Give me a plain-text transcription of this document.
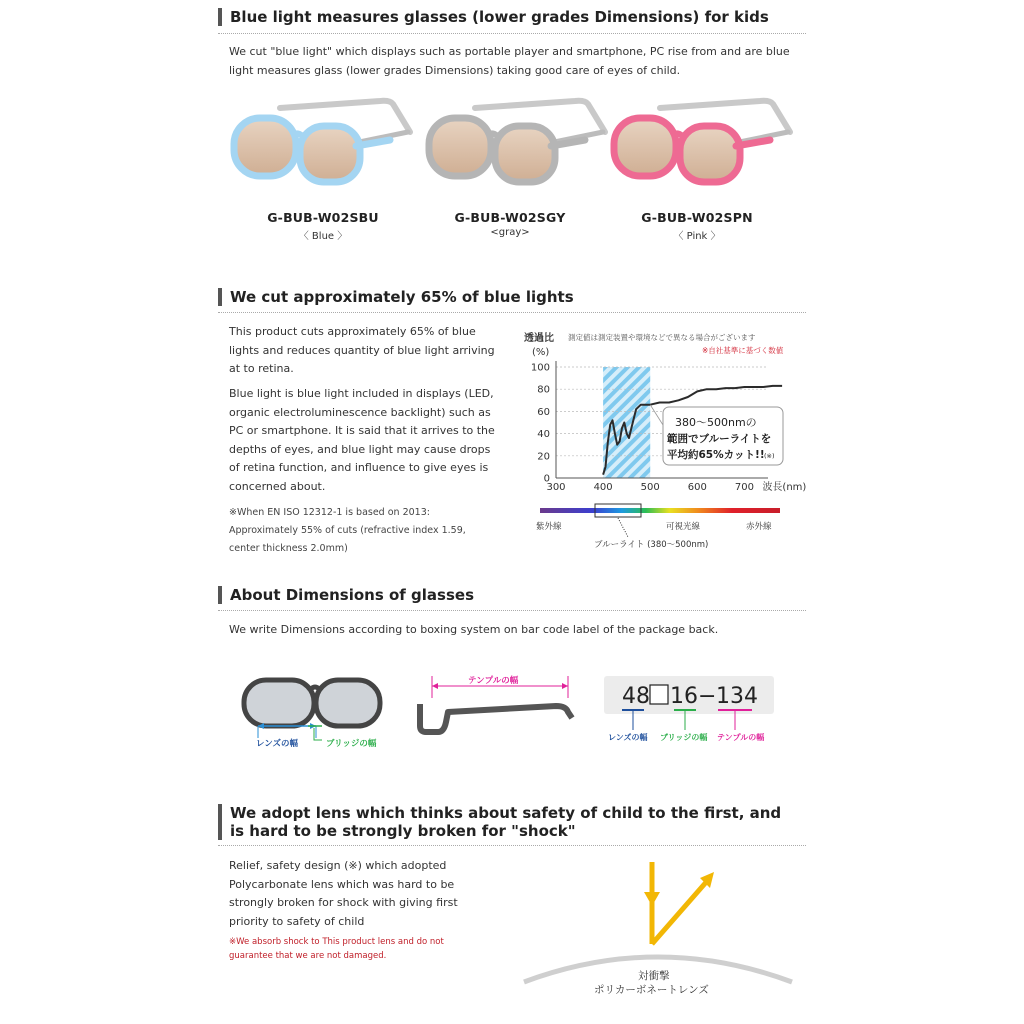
Blue light measures glasses (lower grades Dimensions) for kids
We cut "blue light" which displays such as portable player and smartphone, PC rise from and are blue light measures glass (lower grades Dimensions) taking good care of eyes of child.
G-BUB-W02SBU
〈 Blue 〉
G-BUB-W02SGY
<gray>
G-BUB-W02SPN
〈 Pink 〉
We cut approximately 65% of blue lights
This product cuts approximately 65% of blue lights and reduces quantity of blue light arriving at to retina.
Blue light is blue light included in displays (LED, organic electroluminescence backlight) such as PC or smartphone. It is said that it arrives to the depths of eyes, and blue light may cause drops of retina function, and influence to give eyes is concerned about.
※When EN ISO 12312-1 is based on 2013: Approximately 55% of cuts (refractive index 1.59, center thickness 2.0mm)
透過比
(%)
測定値は測定装置や環境などで異なる場合がございます
※自社基準に基づく数値
100
80
60
40
20
0
300	400	500	600	700 波長(nm)
380〜500nmの
範囲でブルーライトを
平均約65%カット!! (※)
紫外線	可視光線	赤外線
ブルーライト (380〜500nm)
About Dimensions of glasses
We write Dimensions according to boxing system on bar code label of the package back.
レンズの幅	ブリッジの幅
テンプルの幅
48 16 − 134
レンズの幅 ブリッジの幅 テンプルの幅
We adopt lens which thinks about safety of child to the first, and is hard to be strongly broken for "shock"
Relief, safety design (※) which adopted Polycarbonate lens which was hard to be strongly broken for shock with giving first priority to safety of child
※We absorb shock to This product lens and do not guarantee that we are not damaged.
対衝撃
ポリカーボネートレンズ
